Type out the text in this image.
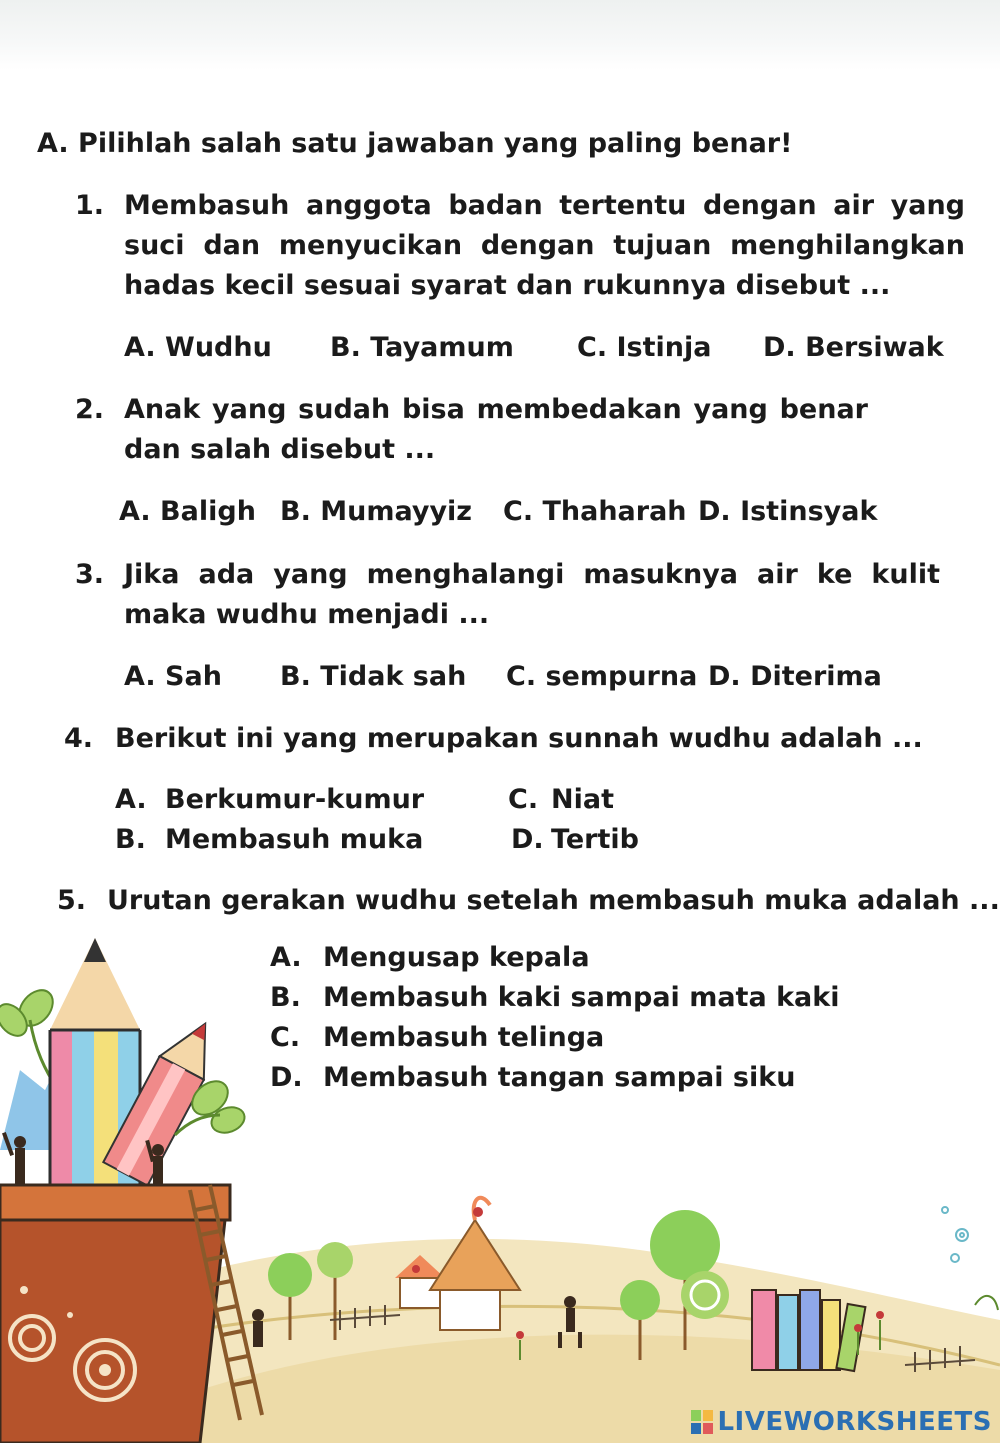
A. Pilihlah salah satu jawaban yang paling benar!
1. Membasuh anggota badan tertentu dengan air yang suci dan menyucikan dengan tujuan menghilangkan hadas kecil sesuai syarat dan rukunnya disebut ...
A. Wudhu B. Tayamum C. Istinja D. Bersiwak
2. Anak yang sudah bisa membedakan yang benar dan salah disebut ...
A. Baligh B. Mumayyiz C. Thaharah D. Istinsyak
3. Jika ada yang menghalangi masuknya air ke kulit maka wudhu menjadi ...
A. Sah B. Tidak sah C. sempurna D. Diterima
4. Berikut ini yang merupakan sunnah wudhu adalah ...
A. Berkumur-kumur	C. Niat
B. Membasuh muka	D. Tertib
5. Urutan gerakan wudhu setelah membasuh muka adalah ...
LIVEWORKSHEETS
A. Mengusap kepala
B. Membasuh kaki sampai mata kaki
C. Membasuh telinga
D. Membasuh tangan sampai siku
